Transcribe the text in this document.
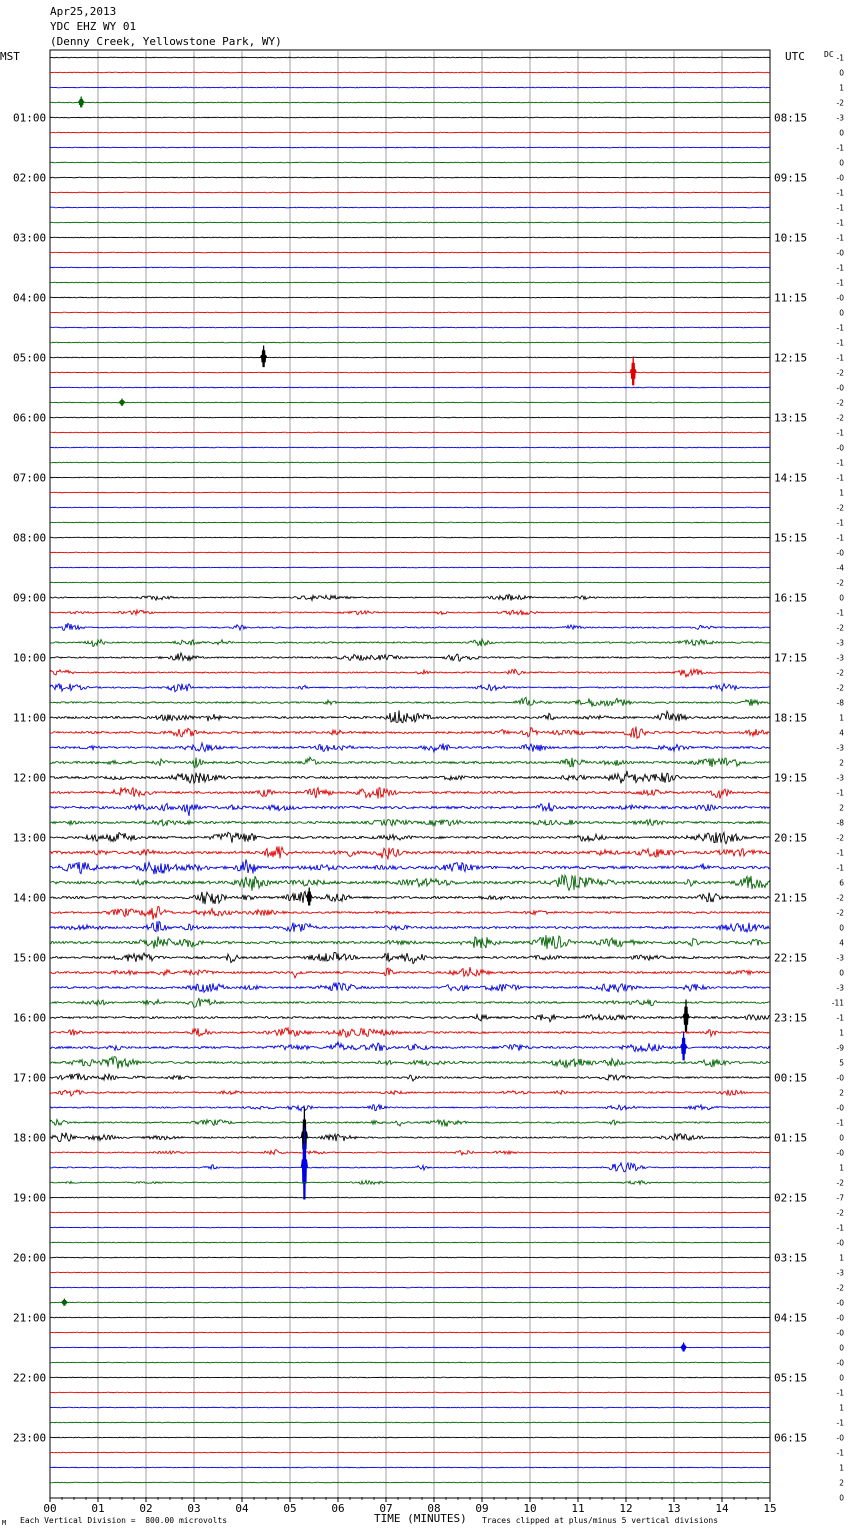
Apr25,2013
YDC EHZ WY 01
(Denny Creek, Yellowstone Park, WY)
MST	UTC DC
01:00
02:00
03:00
04:00
05:00
06:00
07:00
08:00
09:00
10:00
11:00
12:00
13:00
14:00
15:00
16:00
17:00
18:00
19:00
20:00
21:00
22:00
23:00
08:15
09:15
10:15
11:15
12:15
13:15
14:15
15:15
16:15
17:15
18:15
19:15
20:15
21:15
22:15
23:15
00:15
01:15
02:15
03:15
04:15
05:15
06:15
-1
0
1
-2
-3
0
-1
0
-0
-1
-1
-1
-1
-0
-1
-1
-0
0
-1
-1
-1
-2
-0
-2
-2
-1
-0
-1
-1
1
-2
-1
-1
-0
-4
-2
0
-1
-2
-3
-3
-2
-2
-8
1
4
-3
2
-3
-1
2
-8
-2
-1
-1
6
-2
-2
0
4
-3
0
-3
-11
-1
1
-9
5
-0
2
-0
-1
0
-0
1
-2
-7
-2
-1
-0
1
-3
-2
-0
-0
-0
0
-0
0
-1
1
-1
-0
-1
1
2
0
00	01	02	03	04	05	06	07	08	09	10	11	12	13	14	15
M Each Vertical Division =  800.00 microvolts	TIME (MINUTES) Traces clipped at plus/minus 5 vertical divisions
